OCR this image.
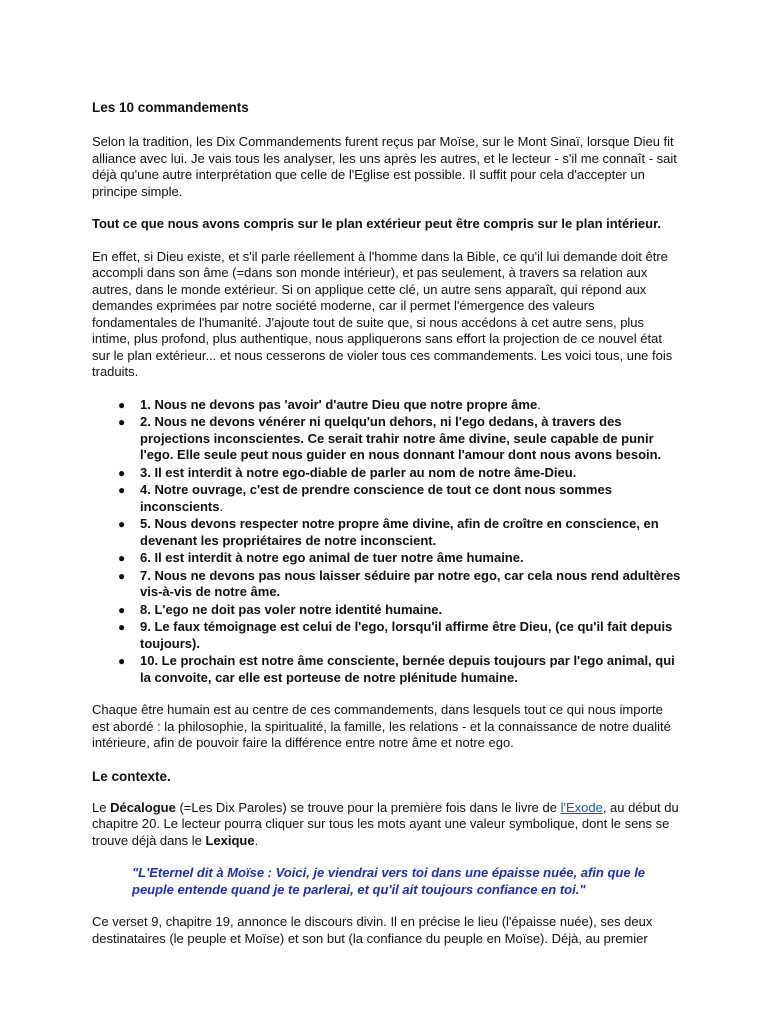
Les 10 commandements

Selon la tradition, les Dix Commandements furent reçus par Moïse, sur le Mont Sinaï, lorsque Dieu fit alliance avec lui. Je vais tous les analyser, les uns après les autres, et le lecteur - s'il me connaît - sait déjà qu'une autre interprétation que celle de l'Eglise est possible. Il suffit pour cela d'accepter un principe simple.

Tout ce que nous avons compris sur le plan extérieur peut être compris sur le plan intérieur.

En effet, si Dieu existe, et s'il parle réellement à l'homme dans la Bible, ce qu'il lui demande doit être accompli dans son âme (=dans son monde intérieur), et pas seulement, à travers sa relation aux autres, dans le monde extérieur. Si on applique cette clé, un autre sens apparaît, qui répond aux demandes exprimées par notre société moderne, car il permet l'émergence des valeurs fondamentales de l'humanité. J'ajoute tout de suite que, si nous accédons à cet autre sens, plus intime, plus profond, plus authentique, nous appliquerons sans effort la projection de ce nouvel état sur le plan extérieur... et nous cesserons de violer tous ces commandements. Les voici tous, une fois traduits.

● 1. Nous ne devons pas 'avoir' d'autre Dieu que notre propre âme.
● 2. Nous ne devons vénérer ni quelqu'un dehors, ni l'ego dedans, à travers des projections inconscientes. Ce serait trahir notre âme divine, seule capable de punir l'ego. Elle seule peut nous guider en nous donnant l'amour dont nous avons besoin.
● 3. Il est interdit à notre ego-diable de parler au nom de notre âme-Dieu.
● 4. Notre ouvrage, c'est de prendre conscience de tout ce dont nous sommes inconscients.
● 5. Nous devons respecter notre propre âme divine, afin de croître en conscience, en devenant les propriétaires de notre inconscient.
● 6. Il est interdit à notre ego animal de tuer notre âme humaine.
● 7. Nous ne devons pas nous laisser séduire par notre ego, car cela nous rend adultères vis-à-vis de notre âme.
● 8. L'ego ne doit pas voler notre identité humaine.
● 9. Le faux témoignage est celui de l'ego, lorsqu'il affirme être Dieu, (ce qu'il fait depuis toujours).
● 10. Le prochain est notre âme consciente, bernée depuis toujours par l'ego animal, qui la convoite, car elle est porteuse de notre plénitude humaine.

Chaque être humain est au centre de ces commandements, dans lesquels tout ce qui nous importe est abordé : la philosophie, la spiritualité, la famille, les relations - et la connaissance de notre dualité intérieure, afin de pouvoir faire la différence entre notre âme et notre ego.

Le contexte.

Le Décalogue (=Les Dix Paroles) se trouve pour la première fois dans le livre de l'Exode, au début du chapitre 20. Le lecteur pourra cliquer sur tous les mots ayant une valeur symbolique, dont le sens se trouve déjà dans le Lexique.

"L'Eternel dit à Moïse : Voici, je viendrai vers toi dans une épaisse nuée, afin que le peuple entende quand je te parlerai, et qu'il ait toujours confiance en toi."

Ce verset 9, chapitre 19, annonce le discours divin. Il en précise le lieu (l'épaisse nuée), ses deux destinataires (le peuple et Moïse) et son but (la confiance du peuple en Moïse). Déjà, au premier
